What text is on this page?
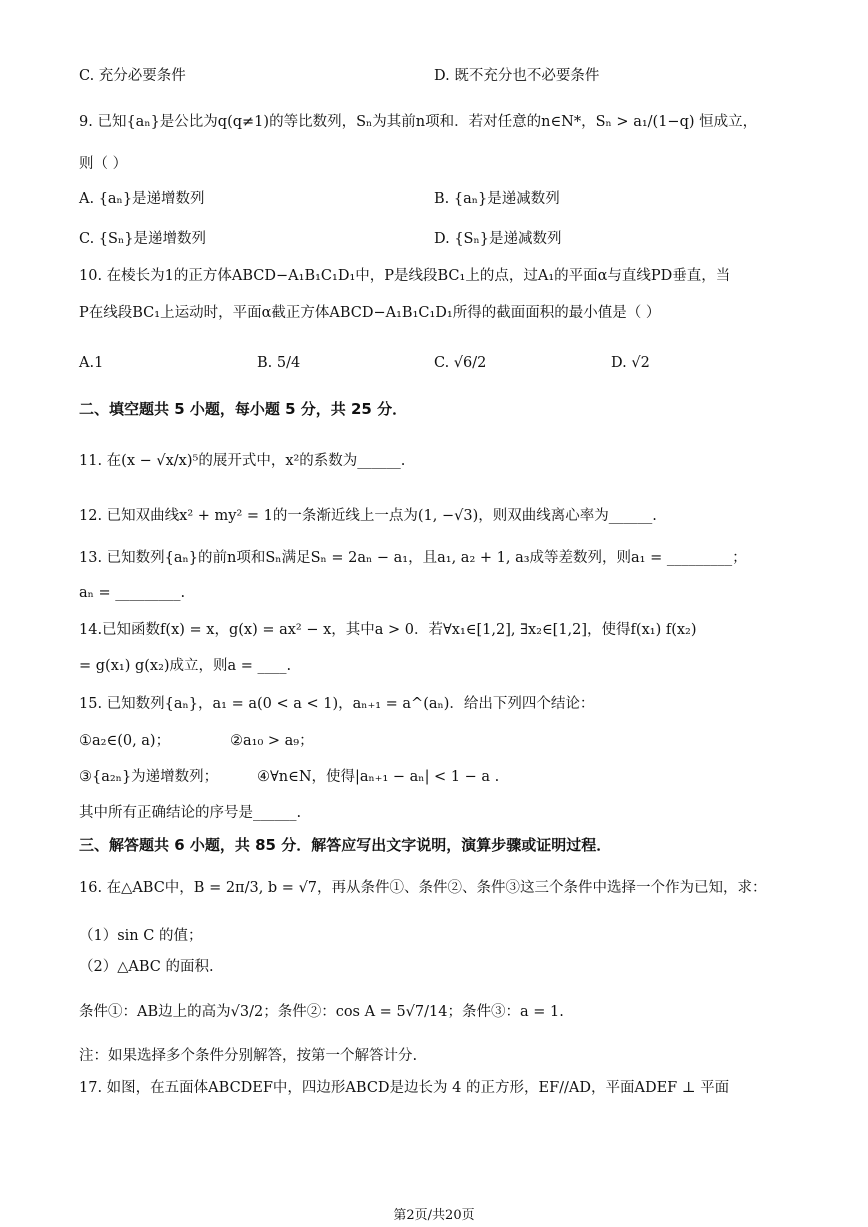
C. 充分必要条件	D. 既不充分也不必要条件
9. 已知{aₙ}是公比为q(q≠1)的等比数列，Sₙ为其前n项和．若对任意的n∈N*，Sₙ > a₁/(1−q) 恒成立，
则（ ）
A. {aₙ}是递增数列	B. {aₙ}是递减数列
C. {Sₙ}是递增数列	D. {Sₙ}是递减数列
10. 在棱长为1的正方体ABCD−A₁B₁C₁D₁中，P是线段BC₁上的点，过A₁的平面α与直线PD垂直，当
P在线段BC₁上运动时，平面α截正方体ABCD−A₁B₁C₁D₁所得的截面面积的最小值是（ ）
A.1	B. 5/4	C. √6/2	D. √2
二、填空题共 5 小题，每小题 5 分，共 25 分．
11. 在(x − √x/x)⁵的展开式中，x²的系数为______.
12. 已知双曲线x² + my² = 1的一条渐近线上一点为(1, −√3)，则双曲线离心率为______.
13. 已知数列{aₙ}的前n项和Sₙ满足Sₙ = 2aₙ − a₁，且a₁, a₂ + 1, a₃成等差数列，则a₁ = _________；
aₙ = _________.
14.已知函数f(x) = x，g(x) = ax² − x，其中a > 0．若∀x₁∈[1,2], ∃x₂∈[1,2]，使得f(x₁) f(x₂)
= g(x₁) g(x₂)成立，则a = ____.
15. 已知数列{aₙ}，a₁ = a(0 < a < 1)，aₙ₊₁ = a^(aₙ)．给出下列四个结论：
①a₂∈(0, a)；	②a₁₀ > a₉；
③{a₂ₙ}为递增数列；	④∀n∈N，使得|aₙ₊₁ − aₙ| < 1 − a .
其中所有正确结论的序号是______.
三、解答题共 6 小题，共 85 分．解答应写出文字说明，演算步骤或证明过程．
16. 在△ABC中，B = 2π/3, b = √7，再从条件①、条件②、条件③这三个条件中选择一个作为已知，求：
（1）sin C 的值；
（2）△ABC 的面积.
条件①：AB边上的高为√3/2；条件②：cos A = 5√7/14；条件③：a = 1.
注：如果选择多个条件分别解答，按第一个解答计分.
17. 如图，在五面体ABCDEF中，四边形ABCD是边长为 4 的正方形，EF//AD，平面ADEF ⊥ 平面
第2页/共20页
